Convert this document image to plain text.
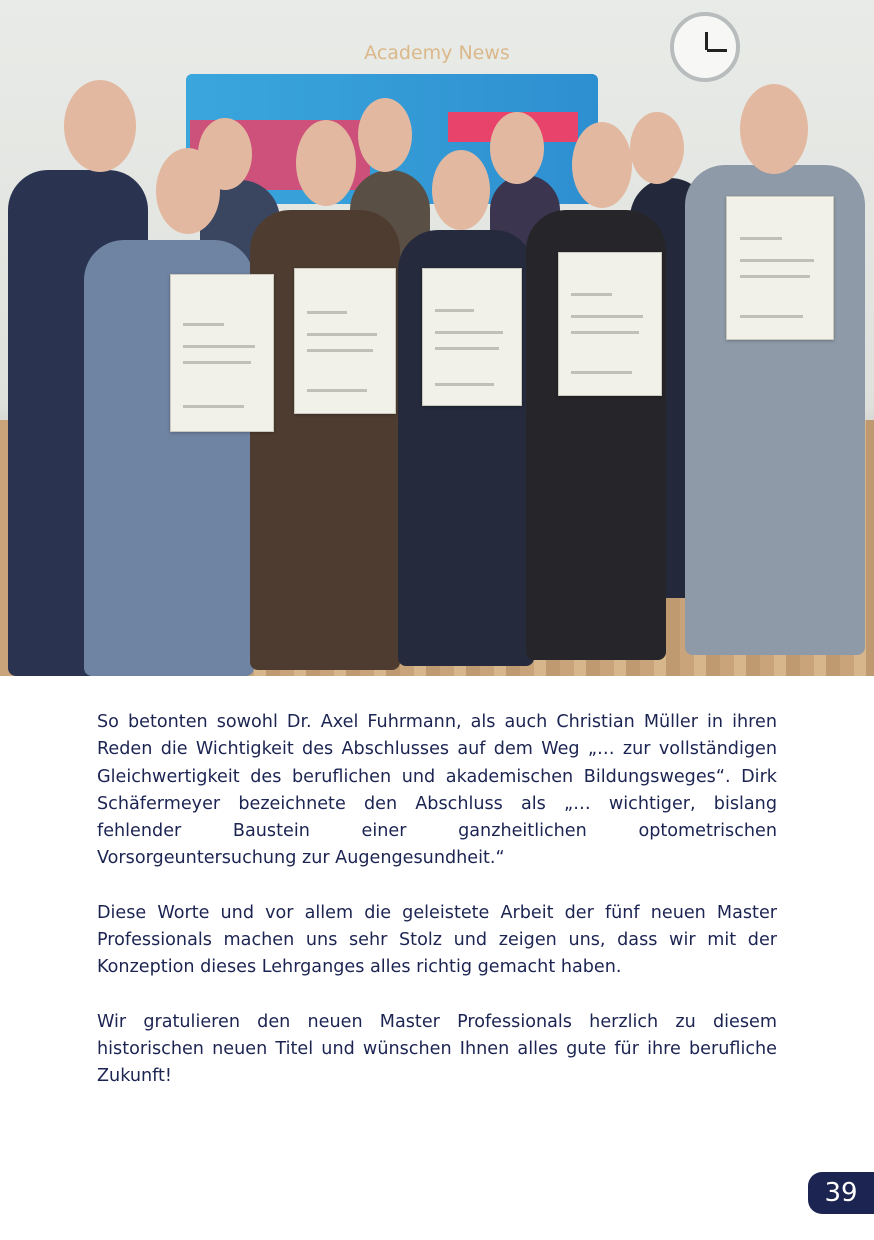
Academy News

So betonten sowohl Dr. Axel Fuhrmann, als auch Christian Müller in ihren Reden die Wichtigkeit des Abschlusses auf dem Weg „… zur vollständigen Gleichwertigkeit des beruflichen und akademischen Bildungsweges“. Dirk Schäfermeyer bezeichnete den Abschluss als „… wichtiger, bislang fehlender Baustein einer ganzheitlichen optometrischen Vorsorgeuntersuchung zur Augengesundheit.“

Diese Worte und vor allem die geleistete Arbeit der fünf neuen Master Professionals machen uns sehr Stolz und zeigen uns, dass wir mit der Konzeption dieses Lehrganges alles richtig gemacht haben.

Wir gratulieren den neuen Master Professionals herzlich zu diesem historischen neuen Titel und wünschen Ihnen alles gute für ihre berufliche Zukunft!

39
